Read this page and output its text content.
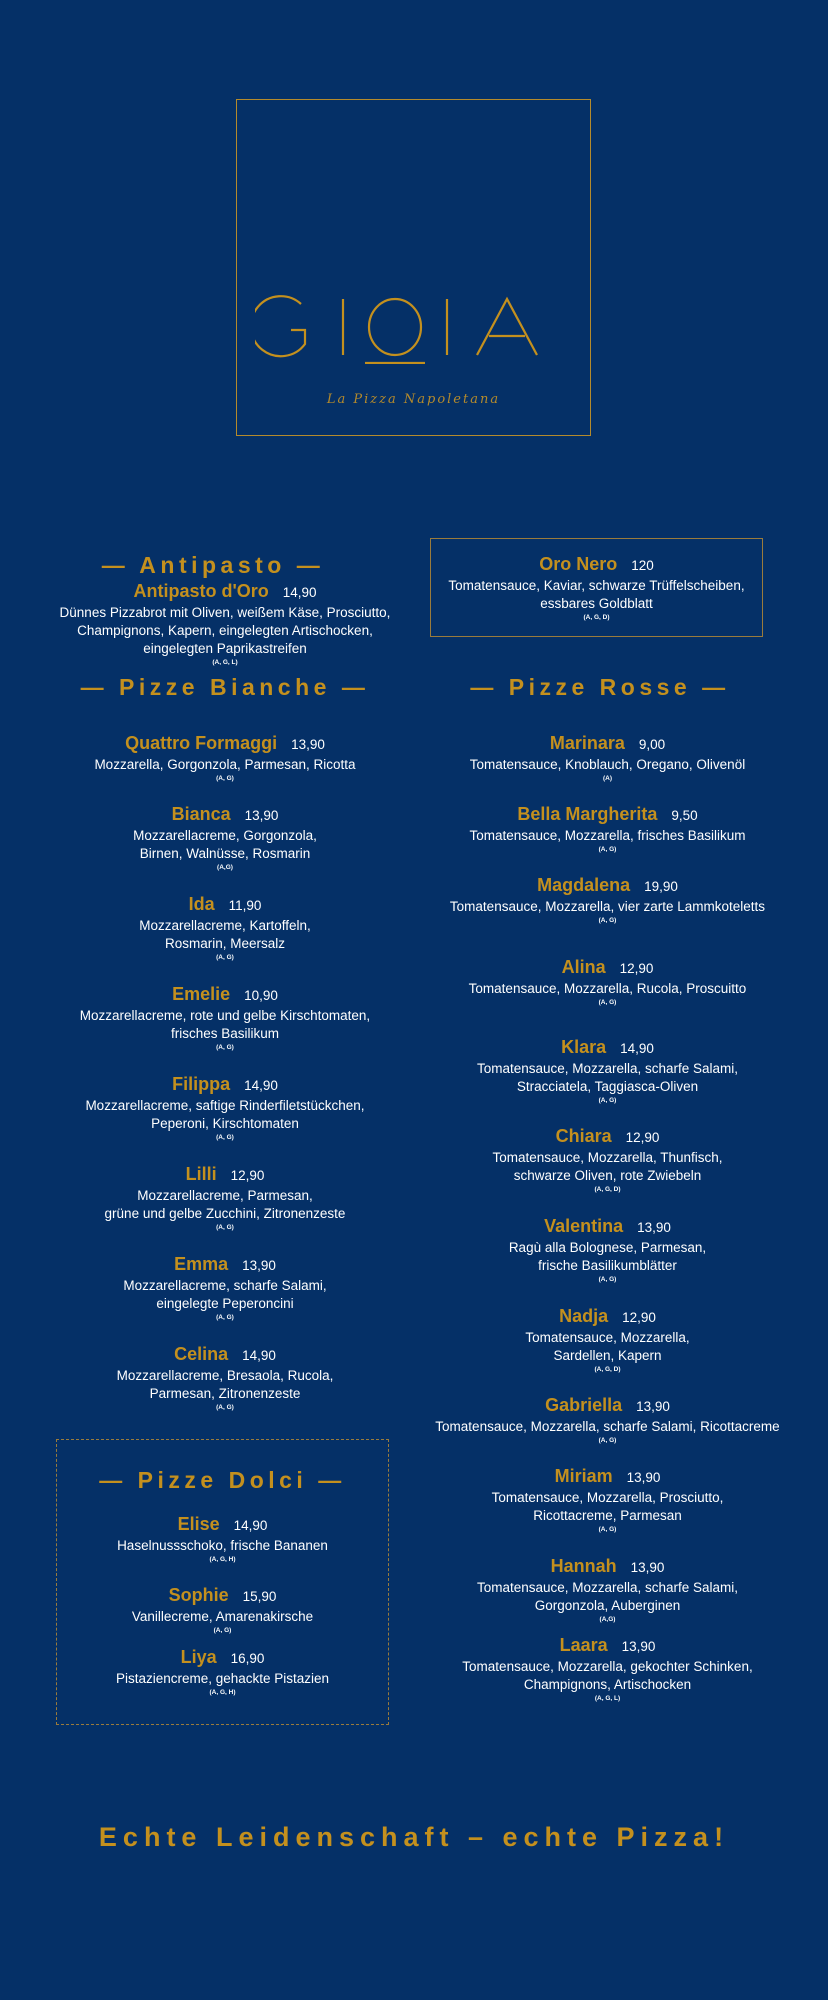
La Pizza Napoletana
— Antipasto —
Antipasto d'Oro 14,90
Dünnes Pizzabrot mit Oliven, weißem Käse, Prosciutto,
Champignons, Kapern, eingelegten Artischocken,
eingelegten Paprikastreifen
(A, G, L)
Oro Nero 120
Tomatensauce, Kaviar, schwarze Trüffelscheiben,
essbares Goldblatt
(A, G, D)
— Pizze Bianche —
Quattro Formaggi 13,90
Mozzarella, Gorgonzola, Parmesan, Ricotta
(A, G)
Bianca 13,90
Mozzarellacreme, Gorgonzola,
Birnen, Walnüsse, Rosmarin
(A,G)
Ida 11,90
Mozzarellacreme, Kartoffeln,
Rosmarin, Meersalz
(A, G)
Emelie 10,90
Mozzarellacreme, rote und gelbe Kirschtomaten,
frisches Basilikum
(A, G)
Filippa 14,90
Mozzarellacreme, saftige Rinderfiletstückchen,
Peperoni, Kirschtomaten
(A, G)
Lilli 12,90
Mozzarellacreme, Parmesan,
grüne und gelbe Zucchini, Zitronenzeste
(A, G)
Emma 13,90
Mozzarellacreme, scharfe Salami,
eingelegte Peperoncini
(A, G)
Celina 14,90
Mozzarellacreme, Bresaola, Rucola,
Parmesan, Zitronenzeste
(A, G)
— Pizze Dolci —
Elise 14,90
Haselnussschoko, frische Bananen
(A, G, H)
Sophie 15,90
Vanillecreme, Amarenakirsche
(A, G)
Liya 16,90
Pistaziencreme, gehackte Pistazien
(A, G, H)
— Pizze Rosse —
Marinara 9,00
Tomatensauce, Knoblauch, Oregano, Olivenöl
(A)
Bella Margherita 9,50
Tomatensauce, Mozzarella, frisches Basilikum
(A, G)
Magdalena 19,90
Tomatensauce, Mozzarella, vier zarte Lammkoteletts
(A, G)
Alina 12,90
Tomatensauce, Mozzarella, Rucola, Proscuitto
(A, G)
Klara 14,90
Tomatensauce, Mozzarella, scharfe Salami,
Stracciatela, Taggiasca-Oliven
(A, G)
Chiara 12,90
Tomatensauce, Mozzarella, Thunfisch,
schwarze Oliven, rote Zwiebeln
(A, G, D)
Valentina 13,90
Ragù alla Bolognese, Parmesan,
frische Basilikumblätter
(A, G)
Nadja 12,90
Tomatensauce, Mozzarella,
Sardellen, Kapern
(A, G, D)
Gabriella 13,90
Tomatensauce, Mozzarella, scharfe Salami, Ricottacreme
(A, G)
Miriam 13,90
Tomatensauce, Mozzarella, Prosciutto,
Ricottacreme, Parmesan
(A, G)
Hannah 13,90
Tomatensauce, Mozzarella, scharfe Salami,
Gorgonzola, Auberginen
(A,G)
Laara 13,90
Tomatensauce, Mozzarella, gekochter Schinken,
Champignons, Artischocken
(A, G, L)
Echte Leidenschaft – echte Pizza!
